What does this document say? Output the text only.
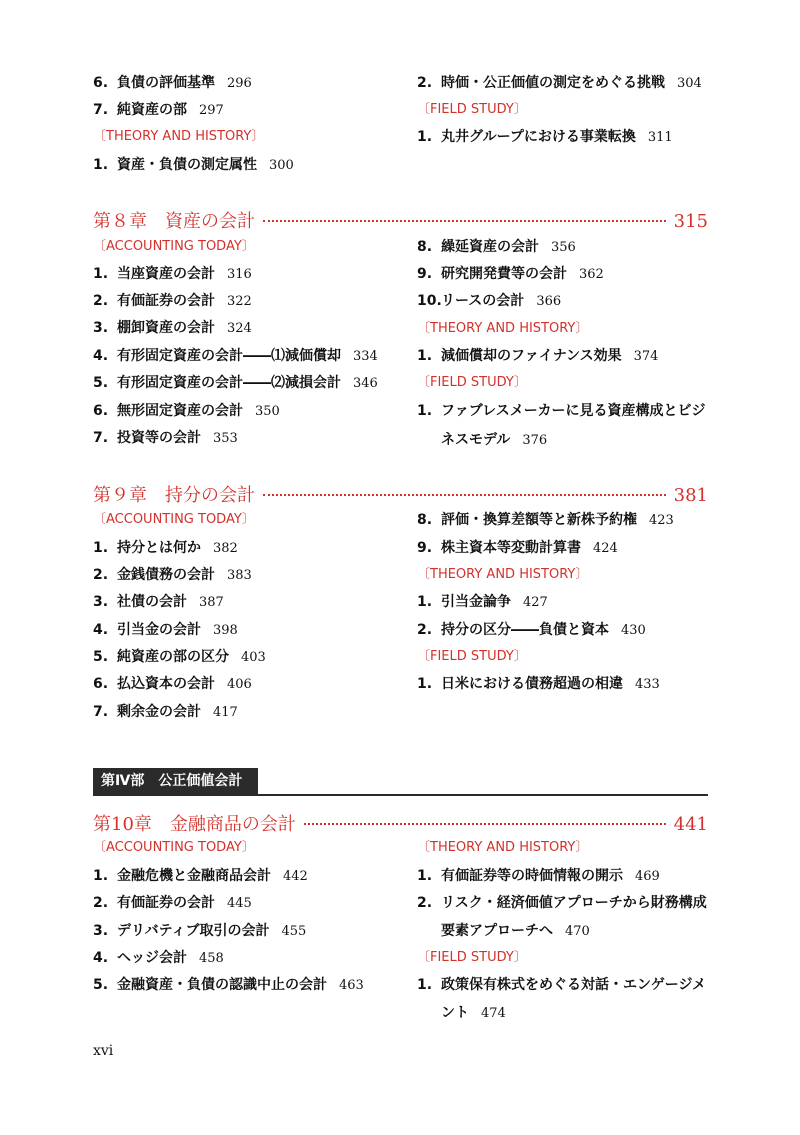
6. 負債の評価基準 296
7. 純資産の部 297
〔THEORY AND HISTORY〕
1. 資産・負債の測定属性 300
2. 時価・公正価値の測定をめぐる挑戦 304
〔FIELD STUDY〕
1. 丸井グループにおける事業転換 311
第８章　資産の会計	315
〔ACCOUNTING TODAY〕
1. 当座資産の会計 316
2. 有価証券の会計 322
3. 棚卸資産の会計 324
4. 有形固定資産の会計――⑴減価償却 334
5. 有形固定資産の会計――⑵減損会計 346
6. 無形固定資産の会計 350
7. 投資等の会計 353
8. 繰延資産の会計 356
9. 研究開発費等の会計 362
10.リースの会計 366
〔THEORY AND HISTORY〕
1. 減価償却のファイナンス効果 374
〔FIELD STUDY〕
1. ファブレスメーカーに見る資産構成とビジ
ネスモデル 376
第９章　持分の会計	381
〔ACCOUNTING TODAY〕
1. 持分とは何か 382
2. 金銭債務の会計 383
3. 社債の会計 387
4. 引当金の会計 398
5. 純資産の部の区分 403
6. 払込資本の会計 406
7. 剰余金の会計 417
8. 評価・換算差額等と新株予約権 423
9. 株主資本等変動計算書 424
〔THEORY AND HISTORY〕
1. 引当金論争 427
2. 持分の区分――負債と資本 430
〔FIELD STUDY〕
1. 日米における債務超過の相違 433
第Ⅳ部　公正価値会計
第10章　金融商品の会計	441
〔ACCOUNTING TODAY〕
1. 金融危機と金融商品会計 442
2. 有価証券の会計 445
3. デリバティブ取引の会計 455
4. ヘッジ会計 458
5. 金融資産・負債の認識中止の会計 463
〔THEORY AND HISTORY〕
1. 有価証券等の時価情報の開示 469
2. リスク・経済価値アプローチから財務構成
要素アプローチへ 470
〔FIELD STUDY〕
1. 政策保有株式をめぐる対話・エンゲージメ
ント 474
xvi
